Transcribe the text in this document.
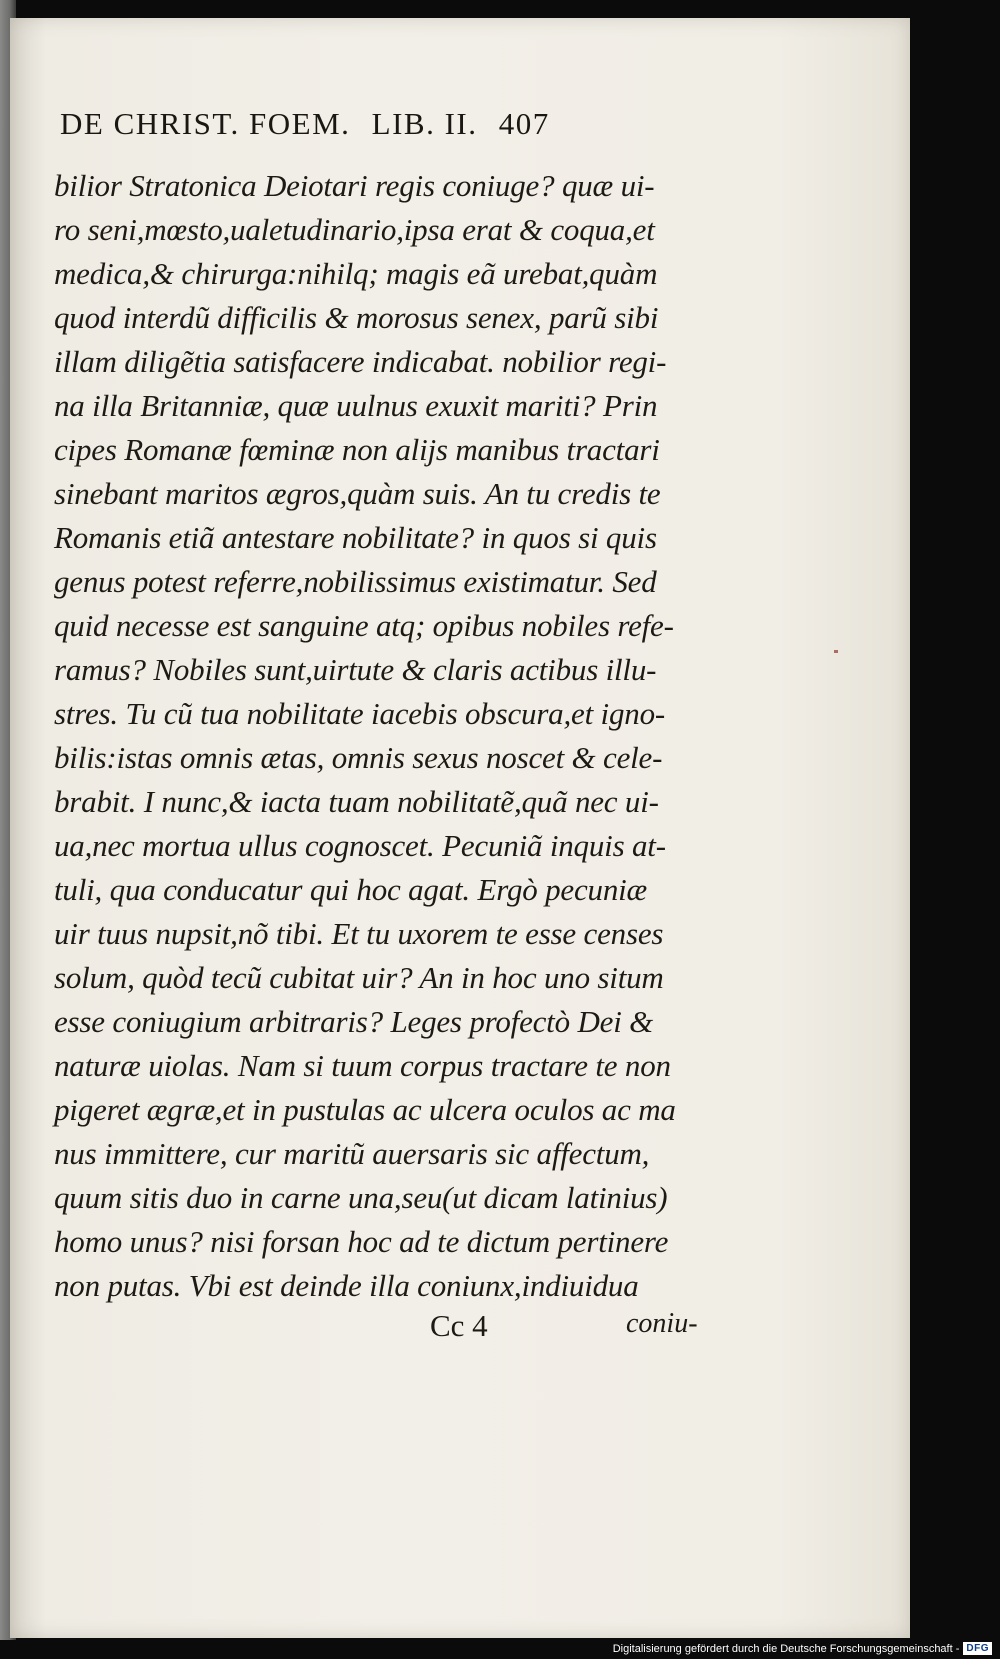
DE CHRIST. FOEM. LIB. II. 407
bilior Stratonica Deiotari regis coniuge? quæ ui-
ro seni,mœsto,ualetudinario,ipsa erat & coqua,et
medica,& chirurga:nihilq; magis eã urebat,quàm
quod interdũ difficilis & morosus senex, parũ sibi
illam diligẽtia satisfacere indicabat. nobilior regi-
na illa Britanniæ, quæ uulnus exuxit mariti? Prin
cipes Romanæ fœminæ non alijs manibus tractari
sinebant maritos ægros,quàm suis. An tu credis te
Romanis etiã antestare nobilitate? in quos si quis
genus potest referre,nobilissimus existimatur. Sed
quid necesse est sanguine atq; opibus nobiles refe-
ramus? Nobiles sunt,uirtute & claris actibus illu-
stres. Tu cũ tua nobilitate iacebis obscura,et igno-
bilis:istas omnis ætas, omnis sexus noscet & cele-
brabit. I nunc,& iacta tuam nobilitatẽ,quã nec ui-
ua,nec mortua ullus cognoscet. Pecuniã inquis at-
tuli, qua conducatur qui hoc agat. Ergò pecuniæ
uir tuus nupsit,nõ tibi. Et tu uxorem te esse censes
solum, quòd tecũ cubitat uir? An in hoc uno situm
esse coniugium arbitraris? Leges profectò Dei &
naturæ uiolas. Nam si tuum corpus tractare te non
pigeret ægræ,et in pustulas ac ulcera oculos ac ma
nus immittere, cur maritũ auersaris sic affectum,
quum sitis duo in carne una,seu(ut dicam latinius)
homo unus? nisi forsan hoc ad te dictum pertinere
non putas. Vbi est deinde illa coniunx,indiuidua
Cc 4	coniu-
Digitalisierung gefördert durch die Deutsche Forschungsgemeinschaft - DFG
